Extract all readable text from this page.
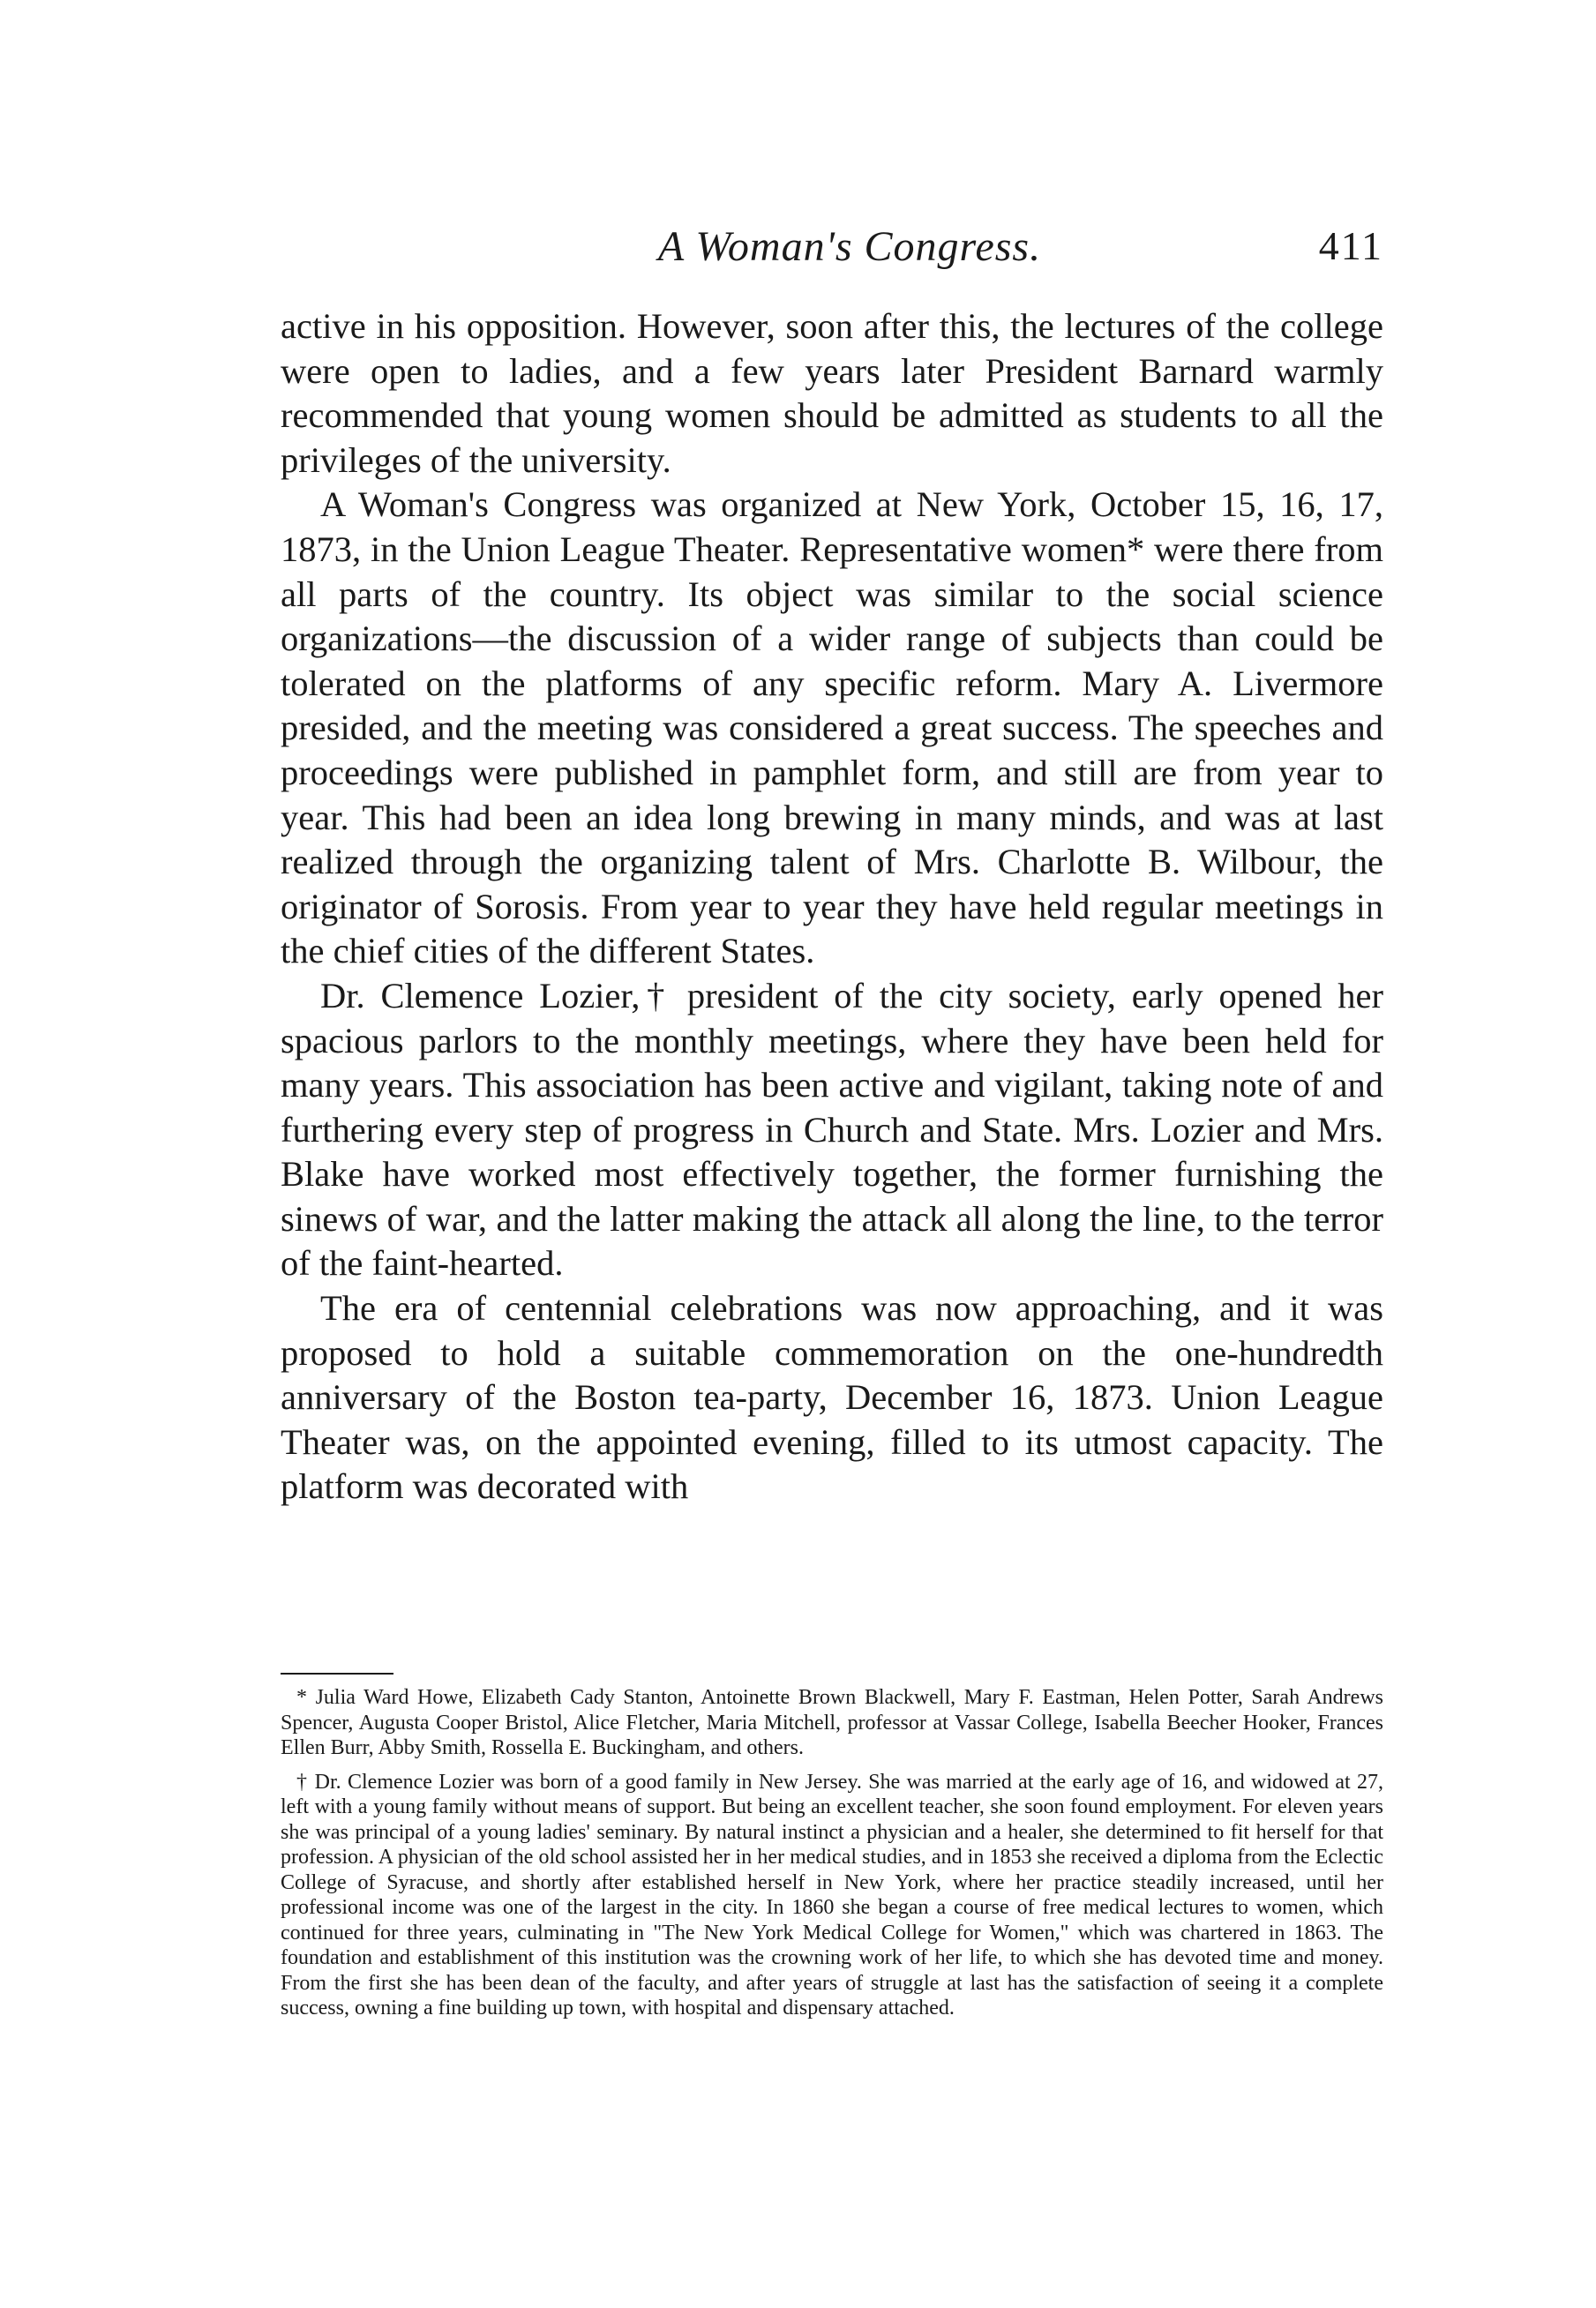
A Woman's Congress.	411

active in his opposition. However, soon after this, the lectures of the college were open to ladies, and a few years later President Barnard warmly recommended that young women should be admitted as students to all the privileges of the university.

A Woman's Congress was organized at New York, October 15, 16, 17, 1873, in the Union League Theater. Representative women* were there from all parts of the country. Its object was similar to the social science organizations—the discussion of a wider range of subjects than could be tolerated on the platforms of any specific reform. Mary A. Livermore presided, and the meeting was considered a great success. The speeches and proceedings were published in pamphlet form, and still are from year to year. This had been an idea long brewing in many minds, and was at last realized through the organizing talent of Mrs. Charlotte B. Wilbour, the originator of Sorosis. From year to year they have held regular meetings in the chief cities of the different States.

Dr. Clemence Lozier,† president of the city society, early opened her spacious parlors to the monthly meetings, where they have been held for many years. This association has been active and vigilant, taking note of and furthering every step of progress in Church and State. Mrs. Lozier and Mrs. Blake have worked most effectively together, the former furnishing the sinews of war, and the latter making the attack all along the line, to the terror of the faint-hearted.

The era of centennial celebrations was now approaching, and it was proposed to hold a suitable commemoration on the one-hundredth anniversary of the Boston tea-party, December 16, 1873. Union League Theater was, on the appointed evening, filled to its utmost capacity. The platform was decorated with

* Julia Ward Howe, Elizabeth Cady Stanton, Antoinette Brown Blackwell, Mary F. Eastman, Helen Potter, Sarah Andrews Spencer, Augusta Cooper Bristol, Alice Fletcher, Maria Mitchell, professor at Vassar College, Isabella Beecher Hooker, Frances Ellen Burr, Abby Smith, Rossella E. Buckingham, and others.

† Dr. Clemence Lozier was born of a good family in New Jersey. She was married at the early age of 16, and widowed at 27, left with a young family without means of support. But being an excellent teacher, she soon found employment. For eleven years she was principal of a young ladies' seminary. By natural instinct a physician and a healer, she determined to fit herself for that profession. A physician of the old school assisted her in her medical studies, and in 1853 she received a diploma from the Eclectic College of Syracuse, and shortly after established herself in New York, where her practice steadily increased, until her professional income was one of the largest in the city. In 1860 she began a course of free medical lectures to women, which continued for three years, culminating in "The New York Medical College for Women," which was chartered in 1863. The foundation and establishment of this institution was the crowning work of her life, to which she has devoted time and money. From the first she has been dean of the faculty, and after years of struggle at last has the satisfaction of seeing it a complete success, owning a fine building up town, with hospital and dispensary attached.
